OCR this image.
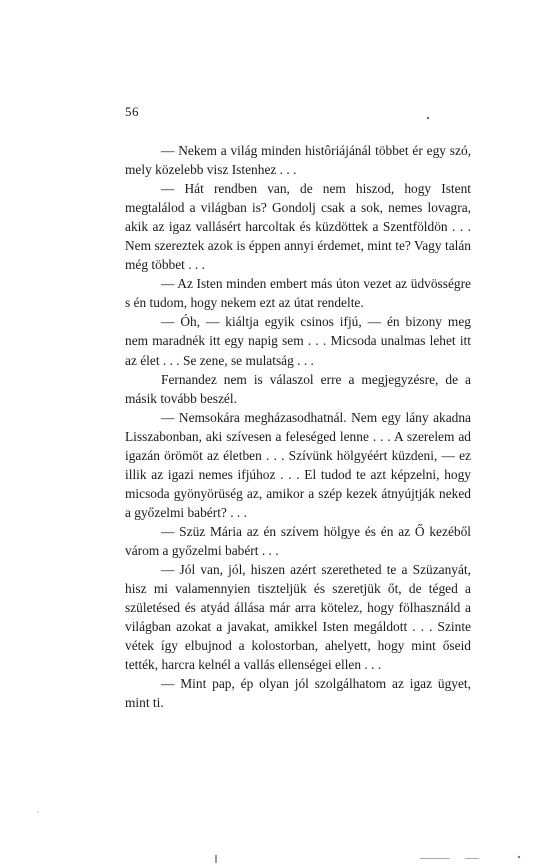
56

— Nekem a világ minden histôriájánál többet ér egy szó, mely közelebb visz Istenhez . . .

— Hát rendben van, de nem hiszod, hogy Istent megtalálod a világban is? Gondolj csak a sok, nemes lovagra, akik az igaz vallásért harcoltak és küzdöttek a Szentföldön . . . Nem szereztek azok is éppen annyi érdemet, mint te? Vagy talán még többet . . .

— Az Isten minden embert más úton vezet az üdvösségre s én tudom, hogy nekem ezt az útat rendelte.

— Óh, — kiáltja egyik csinos ifjú, — én bizony meg nem maradnék itt egy napig sem . . . Micsoda unalmas lehet itt az élet . . . Se zene, se mulatság . . .

Fernandez nem is válaszol erre a megjegyzésre, de a másik tovább beszél.

— Nemsokára megházasodhatnál. Nem egy lány akadna Lisszabonban, aki szívesen a feleséged lenne . . . A szerelem ad igazán örömöt az életben . . . Szívünk hölgyéért küzdeni, — ez illik az igazi nemes ifjúhoz . . . El tudod te azt képzelni, hogy micsoda gyönyörüség az, amikor a szép kezek átnyújtják neked a győzelmi babért? . . .

— Szüz Mária az én szívem hölgye és én az Ő kezéből várom a győzelmi babért . . .

— Jól van, jól, hiszen azért szeretheted te a Szüzanyát, hisz mi valamennyien tiszteljük és szeretjük őt, de téged a születésed és atyád állása már arra kötelez, hogy fölhasználd a világban azokat a javakat, amikkel Isten megáldott . . . Szinte vétek így elbujnod a kolostorban, ahelyett, hogy mint őseid tették, harcra kelnél a vallás ellenségei ellen . . .

— Mint pap, ép olyan jól szolgálhatom az igaz ügyet, mint ti.
